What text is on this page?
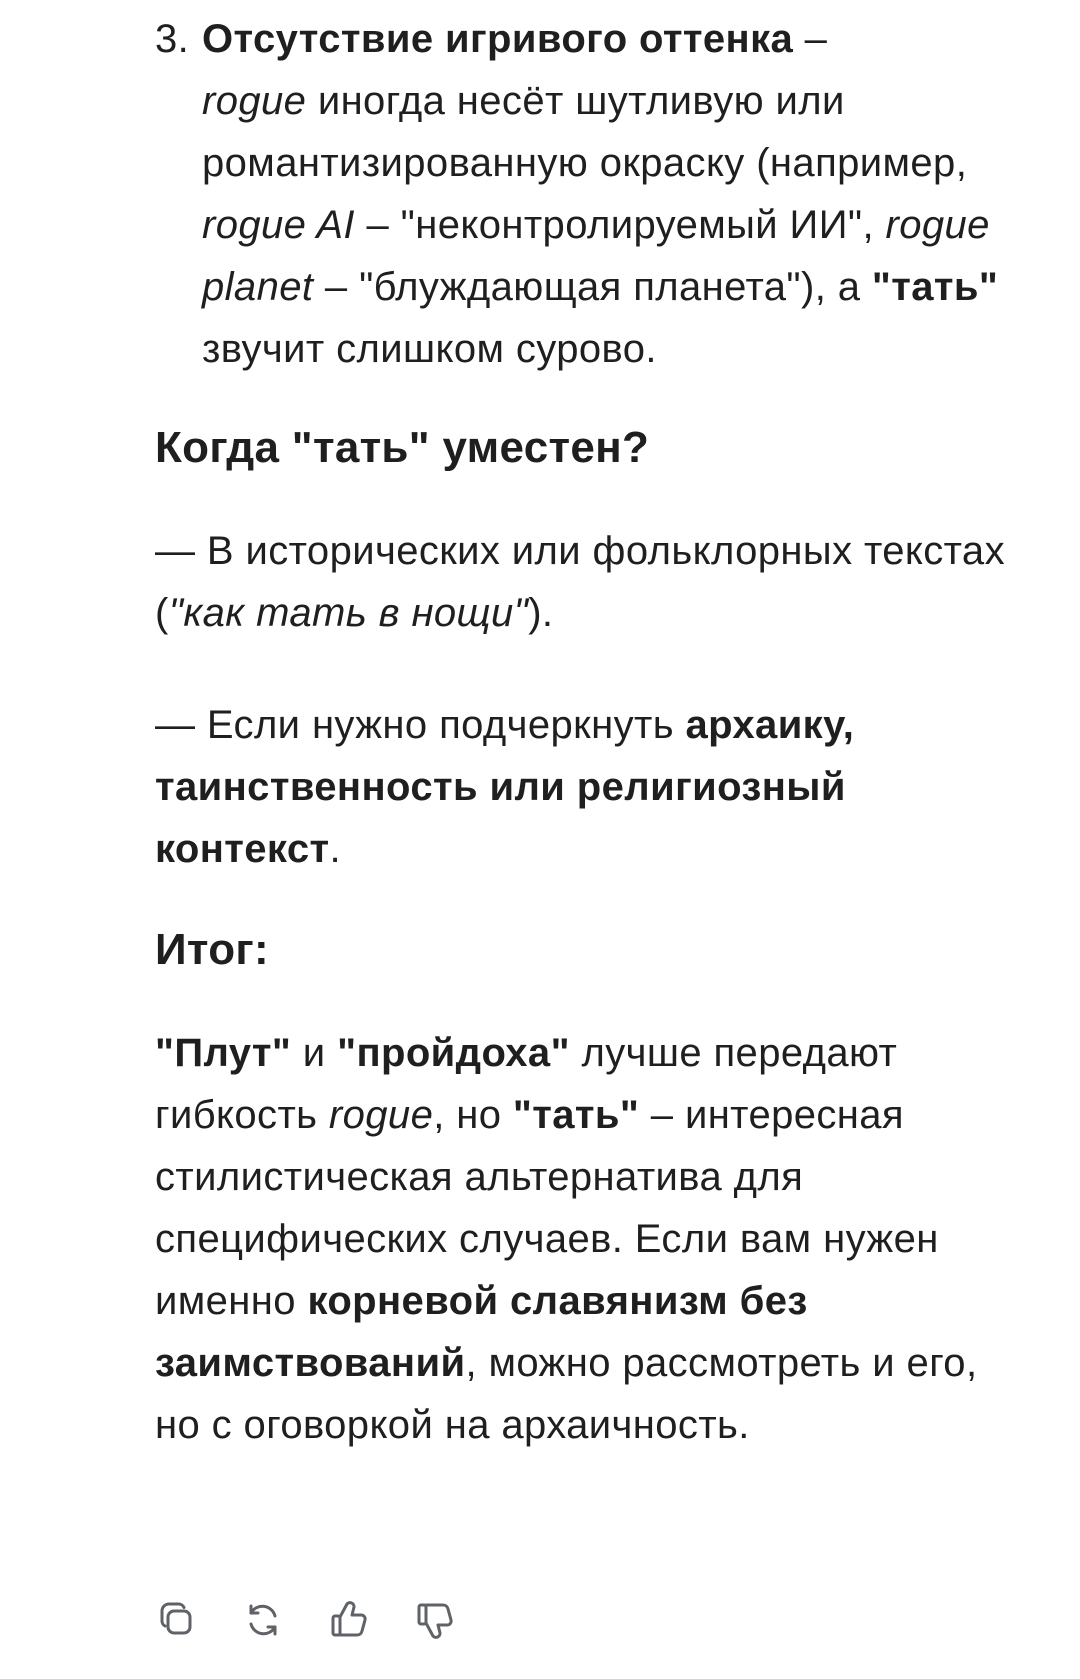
3. Отсутствие игривого оттенка –
rogue иногда несёт шутливую или романтизированную окраску (например, rogue AI – "неконтролируемый ИИ", rogue planet – "блуждающая планета"), а "тать" звучит слишком сурово.
Когда "тать" уместен?

— В исторических или фольклорных текстах ("как тать в нощи").

— Если нужно подчеркнуть архаику, таинственность или религиозный контекст.

Итог:

"Плут" и "пройдоха" лучше передают гибкость rogue, но "тать" – интересная стилистическая альтернатива для специфических случаев. Если вам нужен именно корневой славянизм без заимствований, можно рассмотреть и его, но с оговоркой на архаичность.
